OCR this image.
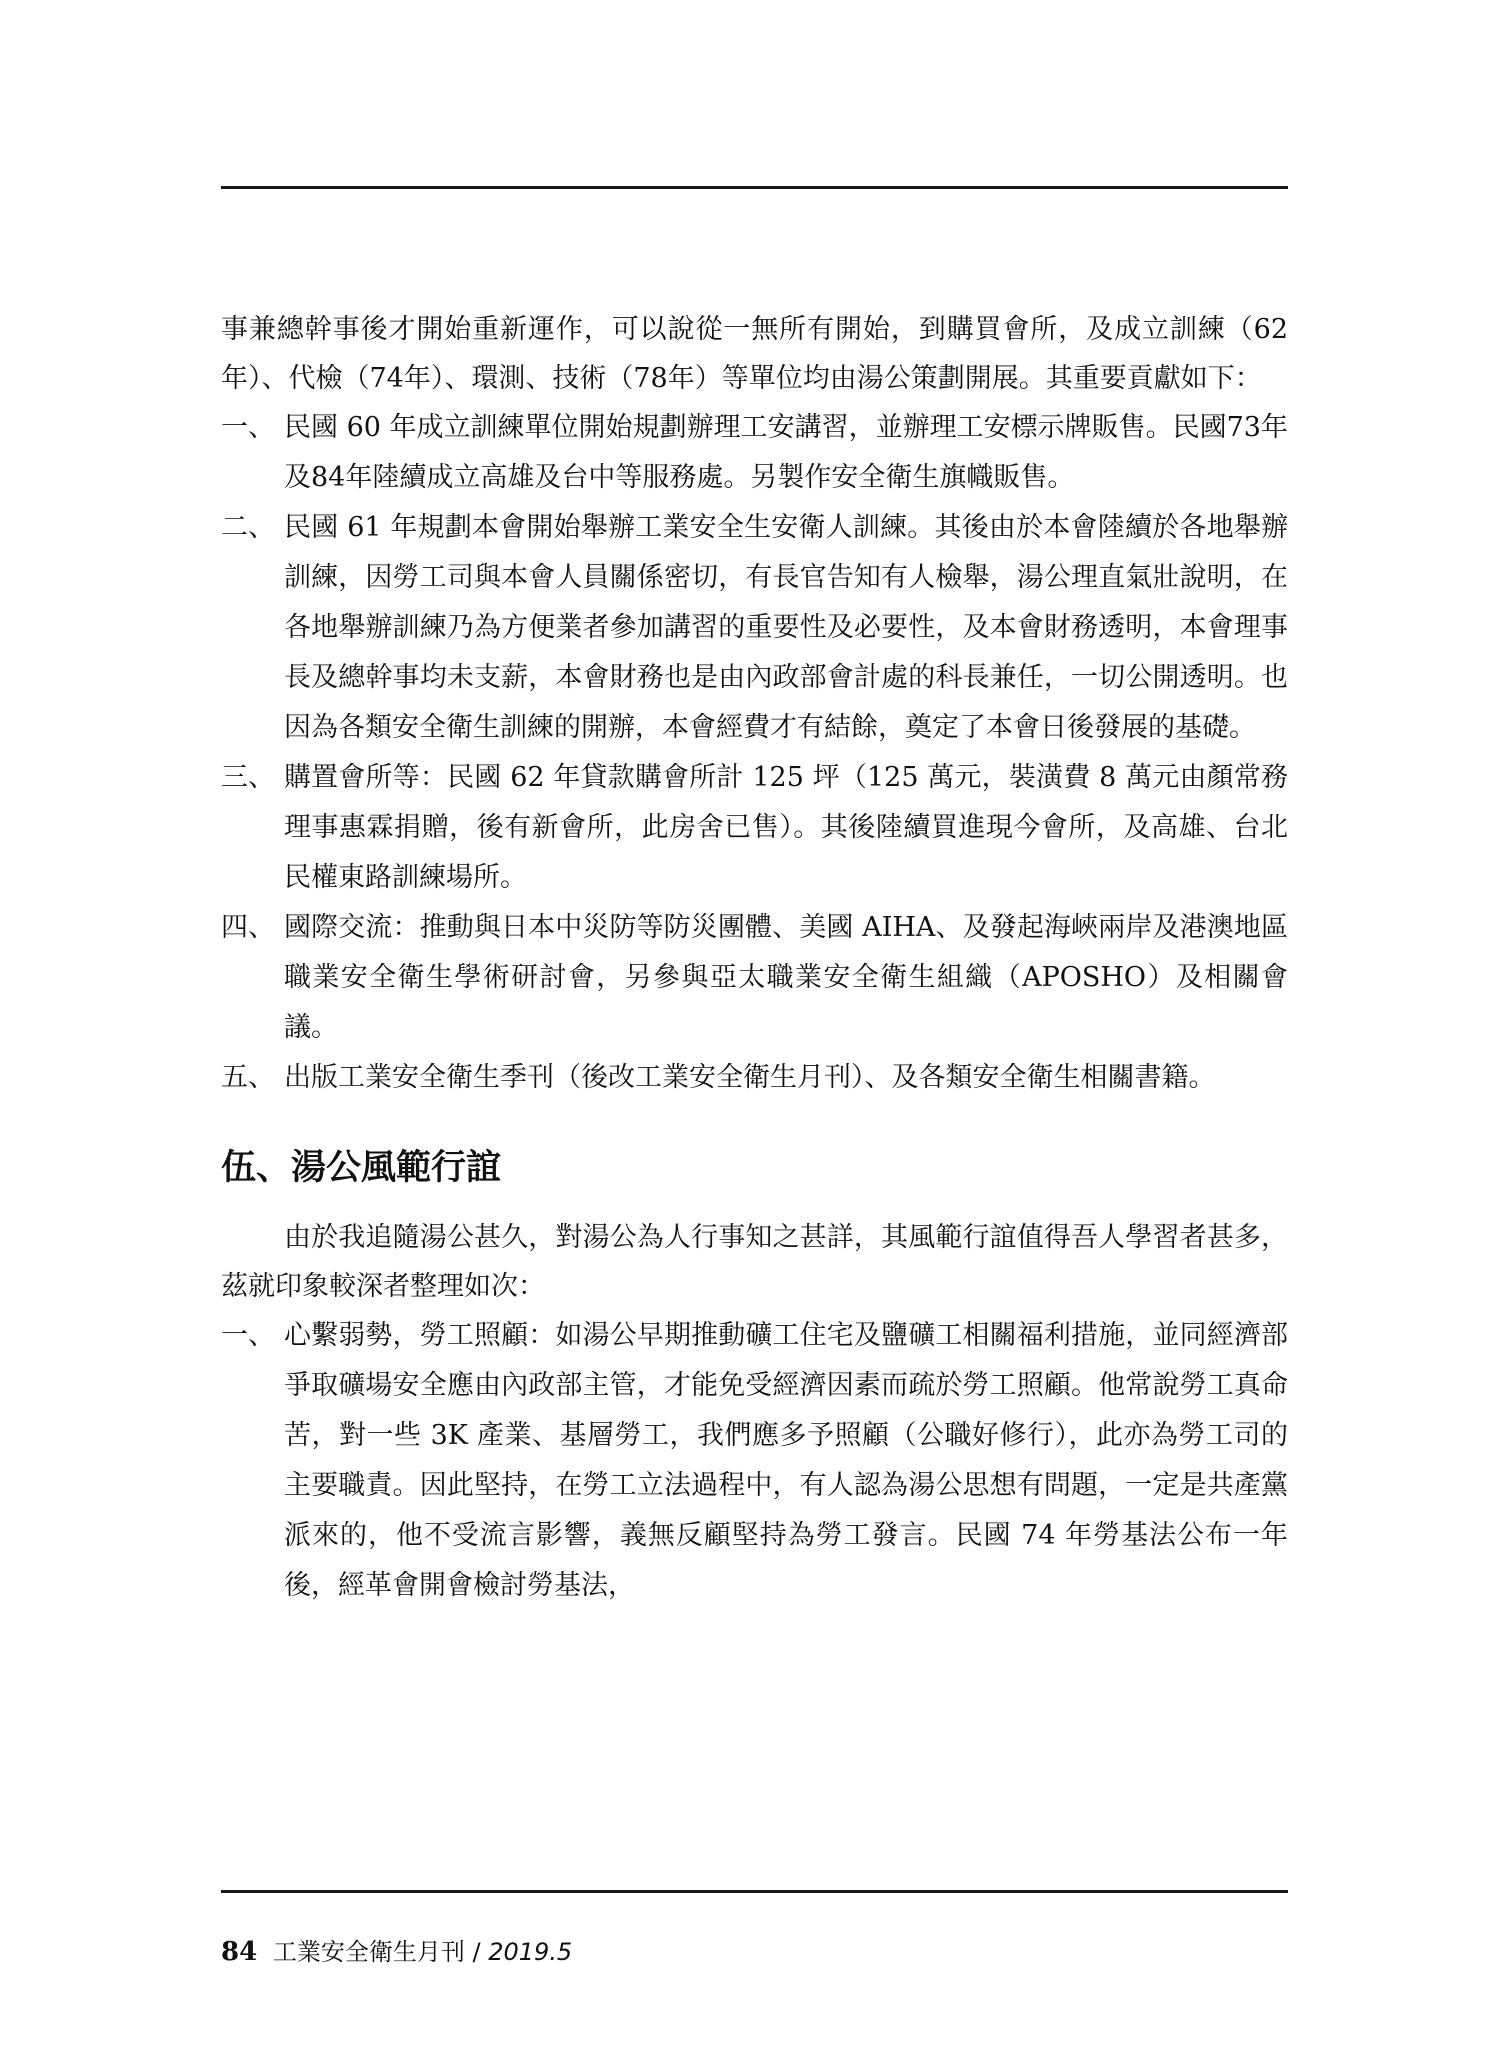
事兼總幹事後才開始重新運作，可以說從一無所有開始，到購買會所，及成立訓練（62年）、代檢（74年）、環測、技術（78年）等單位均由湯公策劃開展。其重要貢獻如下：

一、 民國 60 年成立訓練單位開始規劃辦理工安講習，並辦理工安標示牌販售。民國73年及84年陸續成立高雄及台中等服務處。另製作安全衛生旗幟販售。
二、 民國 61 年規劃本會開始舉辦工業安全生安衛人訓練。其後由於本會陸續於各地舉辦訓練，因勞工司與本會人員關係密切，有長官告知有人檢舉，湯公理直氣壯說明，在各地舉辦訓練乃為方便業者參加講習的重要性及必要性，及本會財務透明，本會理事長及總幹事均未支薪，本會財務也是由內政部會計處的科長兼任，一切公開透明。也因為各類安全衛生訓練的開辦，本會經費才有結餘，奠定了本會日後發展的基礎。
三、 購置會所等：民國 62 年貸款購會所計 125 坪（125 萬元，裝潢費 8 萬元由顏常務理事惠霖捐贈，後有新會所，此房舍已售）。其後陸續買進現今會所，及高雄、台北民權東路訓練場所。
四、 國際交流：推動與日本中災防等防災團體、美國 AIHA、及發起海峽兩岸及港澳地區職業安全衛生學術研討會，另參與亞太職業安全衛生組織（APOSHO）及相關會議。
五、 出版工業安全衛生季刊（後改工業安全衛生月刊）、及各類安全衛生相關書籍。
伍、湯公風範行誼

由於我追隨湯公甚久，對湯公為人行事知之甚詳，其風範行誼值得吾人學習者甚多，茲就印象較深者整理如次：

一、 心繫弱勢，勞工照顧：如湯公早期推動礦工住宅及鹽礦工相關福利措施，並同經濟部爭取礦場安全應由內政部主管，才能免受經濟因素而疏於勞工照顧。他常說勞工真命苦，對一些 3K 產業、基層勞工，我們應多予照顧（公職好修行），此亦為勞工司的主要職責。因此堅持，在勞工立法過程中，有人認為湯公思想有問題，一定是共產黨派來的，他不受流言影響，義無反顧堅持為勞工發言。民國 74 年勞基法公布一年後，經革會開會檢討勞基法，
84 工業安全衛生月刊 / 2019.5
